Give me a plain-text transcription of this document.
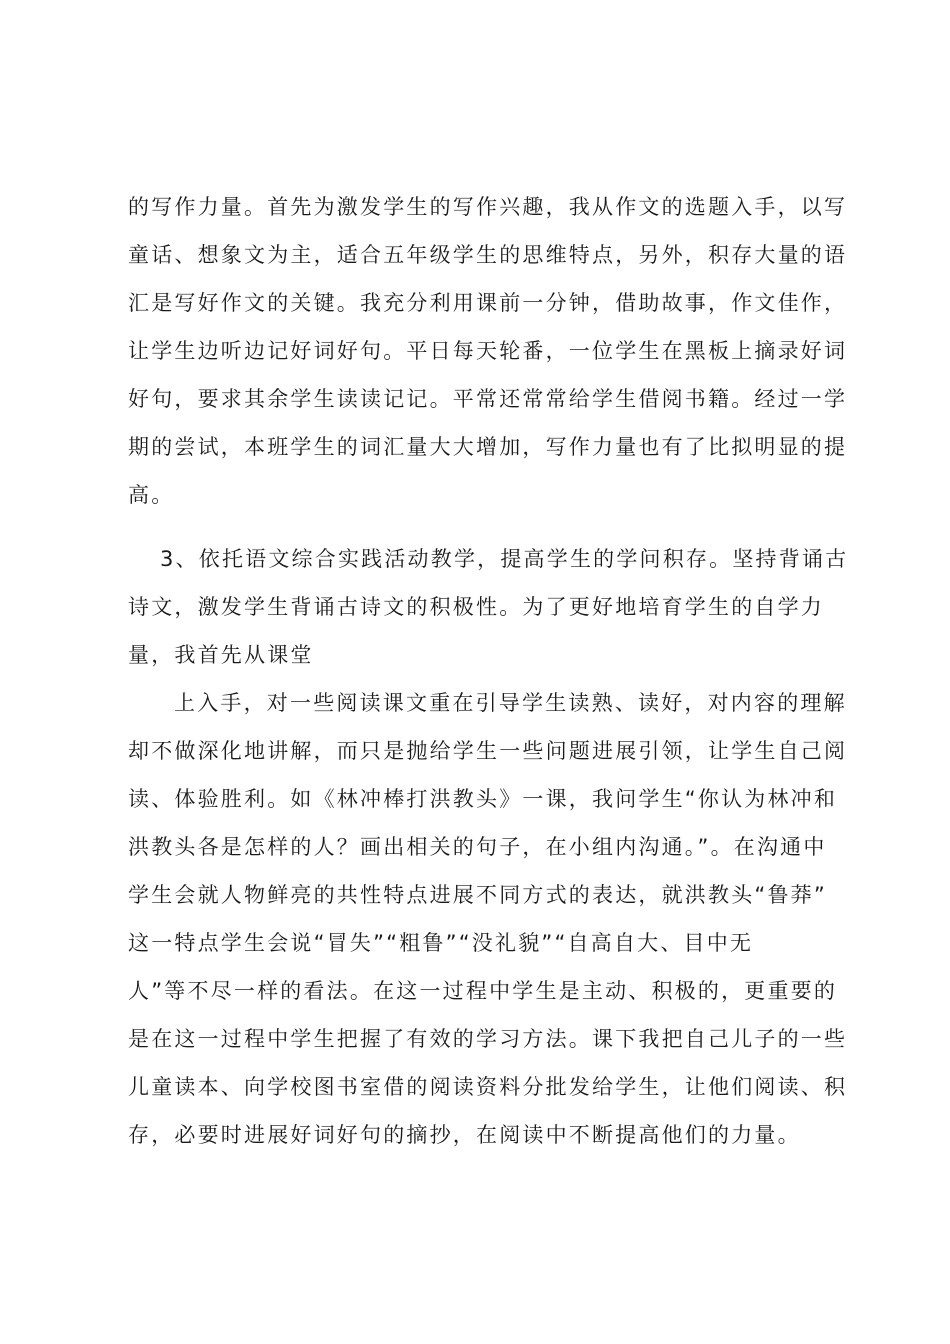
的写作力量。首先为激发学生的写作兴趣，我从作文的选题入手，以写
童话、想象文为主，适合五年级学生的思维特点，另外，积存大量的语
汇是写好作文的关键。我充分利用课前一分钟，借助故事，作文佳作，
让学生边听边记好词好句。平日每天轮番，一位学生在黑板上摘录好词
好句，要求其余学生读读记记。平常还常常给学生借阅书籍。经过一学
期的尝试，本班学生的词汇量大大增加，写作力量也有了比拟明显的提
高。
3、依托语文综合实践活动教学，提高学生的学问积存。坚持背诵古
诗文，激发学生背诵古诗文的积极性。为了更好地培育学生的自学力
量，我首先从课堂
上入手，对一些阅读课文重在引导学生读熟、读好，对内容的理解
却不做深化地讲解，而只是抛给学生一些问题进展引领，让学生自己阅
读、体验胜利。如《林冲棒打洪教头》一课，我问学生“你认为林冲和
洪教头各是怎样的人？画出相关的句子，在小组内沟通。”。在沟通中
学生会就人物鲜亮的共性特点进展不同方式的表达，就洪教头“鲁莽”
这一特点学生会说“冒失”“粗鲁”“没礼貌”“自高自大、目中无
人”等不尽一样的看法。在这一过程中学生是主动、积极的，更重要的
是在这一过程中学生把握了有效的学习方法。课下我把自己儿子的一些
儿童读本、向学校图书室借的阅读资料分批发给学生，让他们阅读、积
存，必要时进展好词好句的摘抄，在阅读中不断提高他们的力量。
